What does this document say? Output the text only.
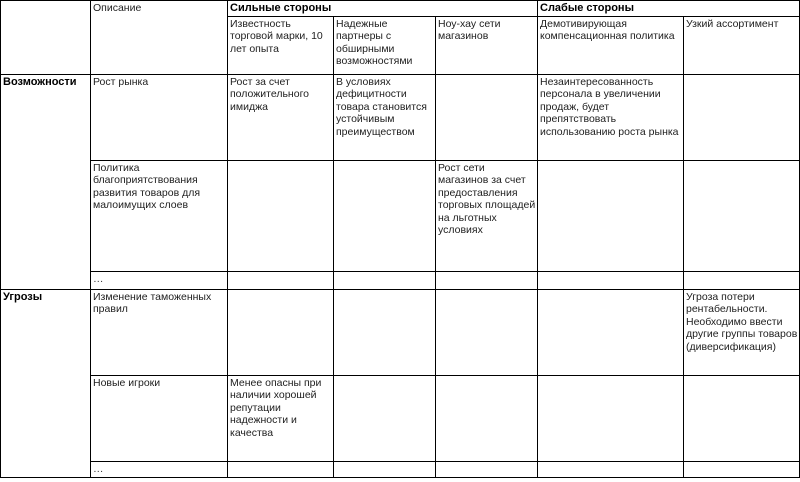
	Описание	Сильные стороны			Слабые стороны	
		Известность торговой марки, 10 лет опыта	Надежные партнеры с обширными возможностями	Ноу-хау сети магазинов	Демотивирующая компенсационная политика	Узкий ассортимент
Возможности	Рост рынка	Рост за счет положительного имиджа	В условиях дефицитности товара становится устойчивым преимуществом		Незаинтересованность персонала в увеличении продаж, будет препятствовать использованию роста рынка	
	Политика благоприятствования развития товаров для малоимущих слоев			Рост сети магазинов за счет предоставления торговых площадей на льготных условиях		
	…					
Угрозы	Изменение таможенных правил					Угроза потери рентабельности. Необходимо ввести другие группы товаров (диверсификация)
	Новые игроки	Менее опасны при наличии хорошей репутации надежности и качества				
	…					
